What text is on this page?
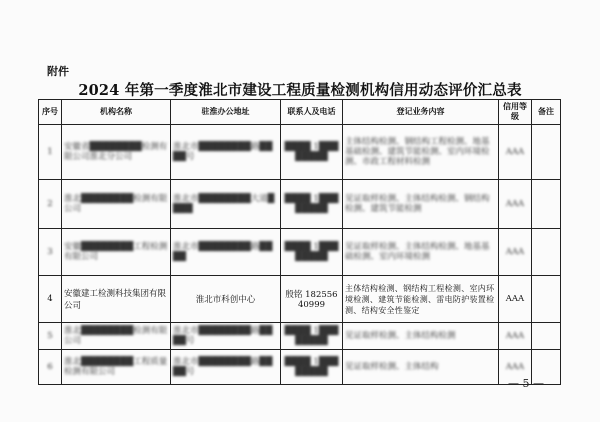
附件
2024 年第一季度淮北市建设工程质量检测机构信用动态评价汇总表
序号	机构名称	驻淮办公地址	联系人及电话	登记业务内容	信用等级	备注
1	安徽省████████检测有限公司淮北分公司	淮北市████████路████号	████ 1████████	主体结构检测、钢结构工程检测、地基基础检测、建筑节能检测、室内环境检测、市政工程材料检测	AAA	
2	淮北████████检测有限公司	淮北市████████大道████	████ 1████████	见证取样检测、主体结构检测、钢结构检测、建筑节能检测	AAA	
3	安徽████████工程检测有限公司	淮北市████████路████	████ 1████████	见证取样检测、主体结构检测、地基基础检测、室内环境检测	AAA	
4	安徽建工检测科技集团有限公司	淮北市科创中心	殷铭 18255640999	主体结构检测、钢结构工程检测、室内环境检测、建筑节能检测、雷电防护装置检测、结构安全性鉴定	AAA	
5	淮北████████检测有限公司	淮北市████████路████号	████ 1████████	见证取样检测、主体结构检测	AAA	
6	淮北████████工程质量检测有限公司	淮北市████████路████号	████ 1████████	见证取样检测、主体结构	AAA	
— 5 —
